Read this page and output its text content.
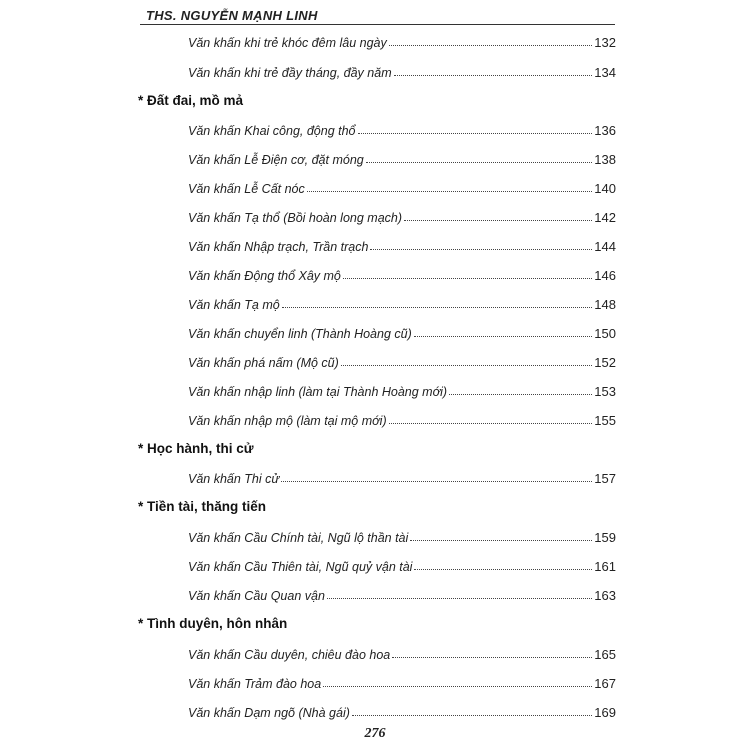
THS. NGUYỄN MẠNH LINH
Văn khấn khi trẻ khóc đêm lâu ngày	132
Văn khấn khi trẻ đầy tháng, đầy năm	134
* Đất đai, mồ mả
Văn khấn Khai công, động thổ	136
Văn khấn Lễ Điện cơ, đặt móng	138
Văn khấn Lễ Cất nóc	140
Văn khấn Tạ thổ (Bồi hoàn long mạch)	142
Văn khấn Nhập trạch, Trần trạch	144
Văn khấn Động thổ Xây mộ	146
Văn khấn Tạ mộ	148
Văn khấn chuyển linh (Thành Hoàng cũ)	150
Văn khấn phá nấm (Mộ cũ)	152
Văn khấn nhập linh (làm tại Thành Hoàng mới)	153
Văn khấn nhập mộ (làm tại mộ mới)	155
* Học hành, thi cử
Văn khấn Thi cử	157
* Tiền tài, thăng tiến
Văn khấn Cầu Chính tài, Ngũ lộ thần tài	159
Văn khấn Cầu Thiên tài, Ngũ quỷ vận tài	161
Văn khấn Cầu Quan vận	163
* Tình duyên, hôn nhân
Văn khấn Cầu duyên, chiêu đào hoa	165
Văn khấn Trảm đào hoa	167
Văn khấn Dạm ngõ (Nhà gái)	169
276
